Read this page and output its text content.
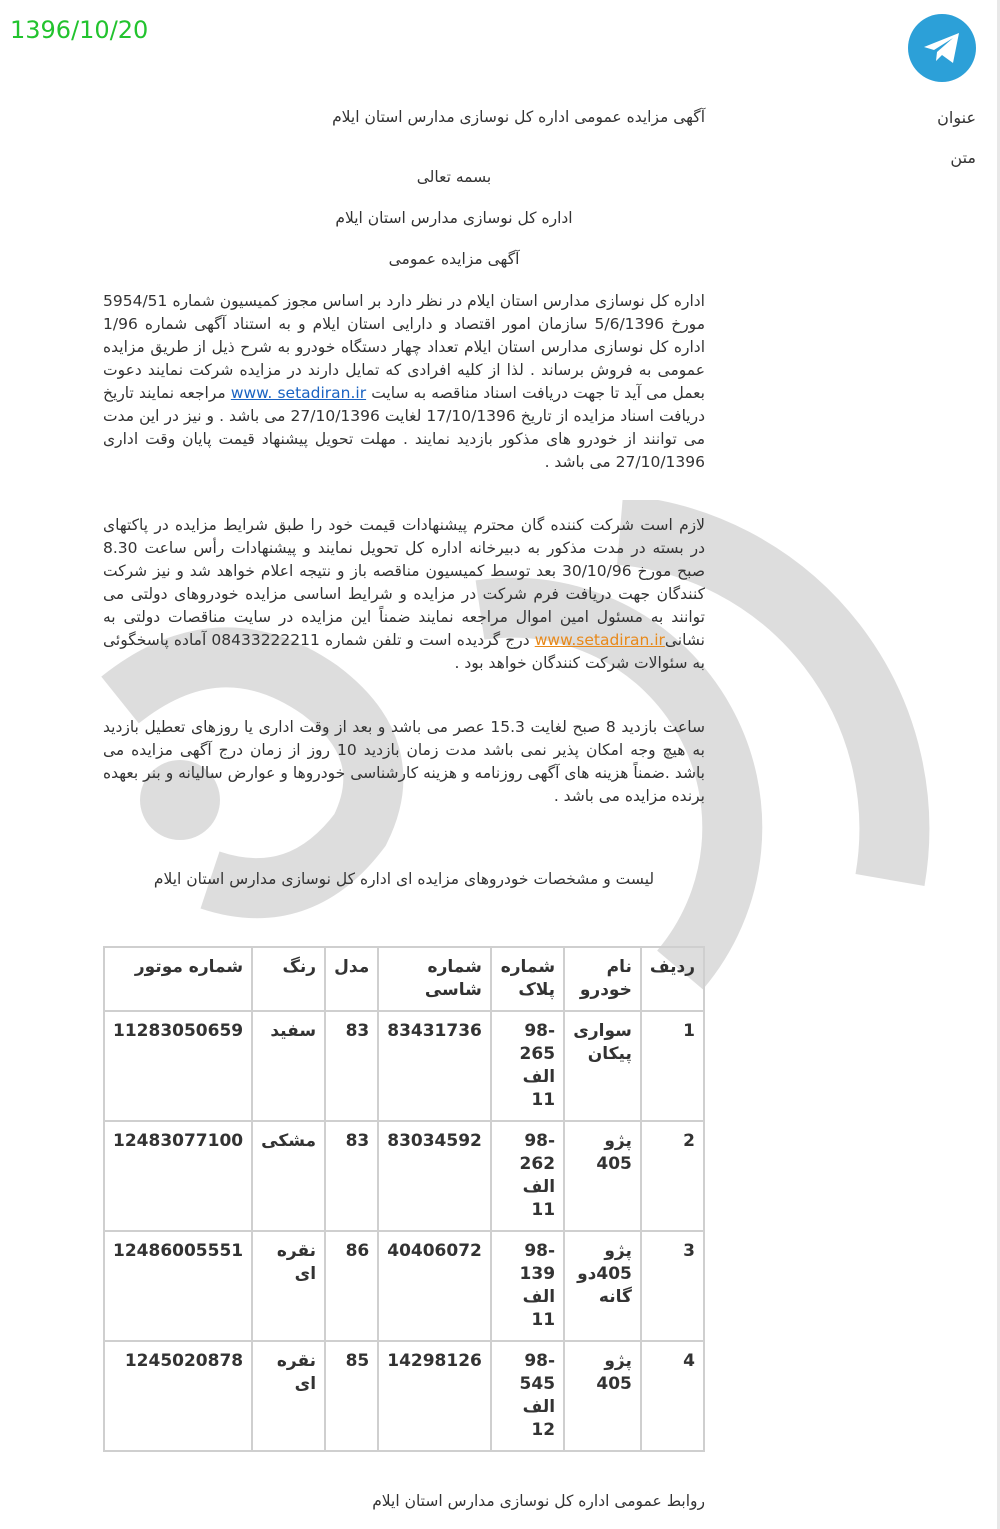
1396/10/20
عنوان
متن
آگهی مزایده عمومی اداره کل نوسازی مدارس استان ایلام
بسمه تعالی
اداره کل نوسازی مدارس استان ایلام
آگهی مزایده عمومی
اداره کل نوسازی مدارس استان ایلام در نظر دارد بر اساس مجوز کمیسیون شماره 5954/51 مورخ 5/6/1396 سازمان امور اقتصاد و دارایی استان ایلام و به استناد آگهی شماره 1/96 اداره کل نوسازی مدارس استان ایلام تعداد چهار دستگاه خودرو به شرح ذیل از طریق مزایده عمومی به فروش برساند . لذا از کلیه افرادی که تمایل دارند در مزایده شرکت نمایند دعوت بعمل می آید تا جهت دریافت اسناد مناقصه به سایت www. setadiran.ir مراجعه نمایند تاریخ دریافت اسناد مزایده از تاریخ 17/10/1396 لغایت 27/10/1396 می باشد . و نیز در این مدت می توانند از خودرو های مذکور بازدید نمایند . مهلت تحویل پیشنهاد قیمت پایان وقت اداری 27/10/1396 می باشد .
لازم است شرکت کننده گان محترم پیشنهادات قیمت خود را طبق شرایط مزایده در پاکتهای در بسته در مدت مذکور به دبیرخانه اداره کل تحویل نمایند و پیشنهادات رأس ساعت 8.30 صبح مورخ 30/10/96 بعد توسط کمیسیون مناقصه باز و نتیجه اعلام خواهد شد و نیز شرکت کنندگان جهت دریافت فرم شرکت در مزایده و شرایط اساسی مزایده خودروهای دولتی می توانند به مسئول امین اموال مراجعه نمایند ضمناً این مزایده در سایت مناقصات دولتی به نشانیwww.setadiran.ir درج گردیده است و تلفن شماره 08433222211 آماده پاسخگوئی به سئوالات شرکت کنندگان خواهد بود .
ساعت بازدید 8 صبح لغایت 15.3 عصر می باشد و بعد از وقت اداری یا روزهای تعطیل بازدید به هیچ وجه امکان پذیر نمی باشد مدت زمان بازدید 10 روز از زمان درج آگهی مزایده می باشد .ضمناً هزینه های آگهی روزنامه و هزینه کارشناسی خودروها و عوارض سالیانه و بنر بعهده برنده مزایده می باشد .
لیست و مشخصات خودروهای مزایده ای اداره کل نوسازی مدارس استان ایلام
ردیف	نام خودرو	شماره پلاک	شماره شاسی	مدل	رنگ	شماره موتور
1	سواری پیکان	98-265 الف 11	83431736	83	سفید	11283050659
2	پژو 405	98-262 الف 11	83034592	83	مشکی	12483077100
3	پژو 405دو گانه	98-139 الف 11	40406072	86	نقره ای	12486005551
4	پژو 405	98-545 الف 12	14298126	85	نقره ای	1245020878
روابط عمومی اداره کل نوسازی مدارس استان ایلام
